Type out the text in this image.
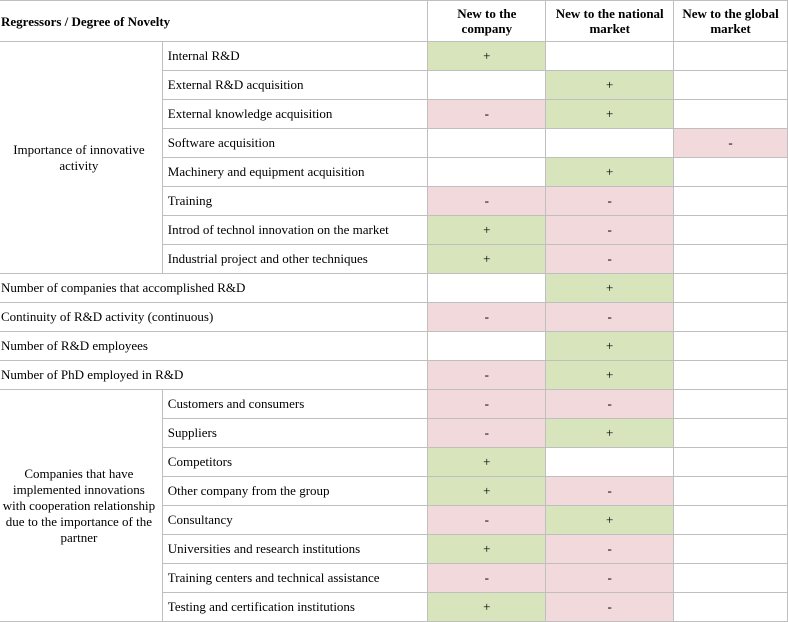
Regressors / Degree of Novelty		New to the company	New to the national market	New to the global market
Importance of innovative activity	Internal R&D	+		
	External R&D acquisition		+	
	External knowledge acquisition	-	+	
	Software acquisition			-
	Machinery and equipment acquisition		+	
	Training	-	-	
	Introd of technol innovation on the market	+	-	
	Industrial project and other techniques	+	-	
Number of companies that accomplished R&D			+	
Continuity of R&D activity (continuous)		-	-	
Number of R&D employees			+	
Number of PhD employed in R&D		-	+	
Companies that have implemented innovations with cooperation relationship due to the importance of the partner	Customers and consumers	-	-	
	Suppliers	-	+	
	Competitors	+		
	Other company from the group	+	-	
	Consultancy	-	+	
	Universities and research institutions	+	-	
	Training centers and technical assistance	-	-	
	Testing and certification institutions	+	-	
